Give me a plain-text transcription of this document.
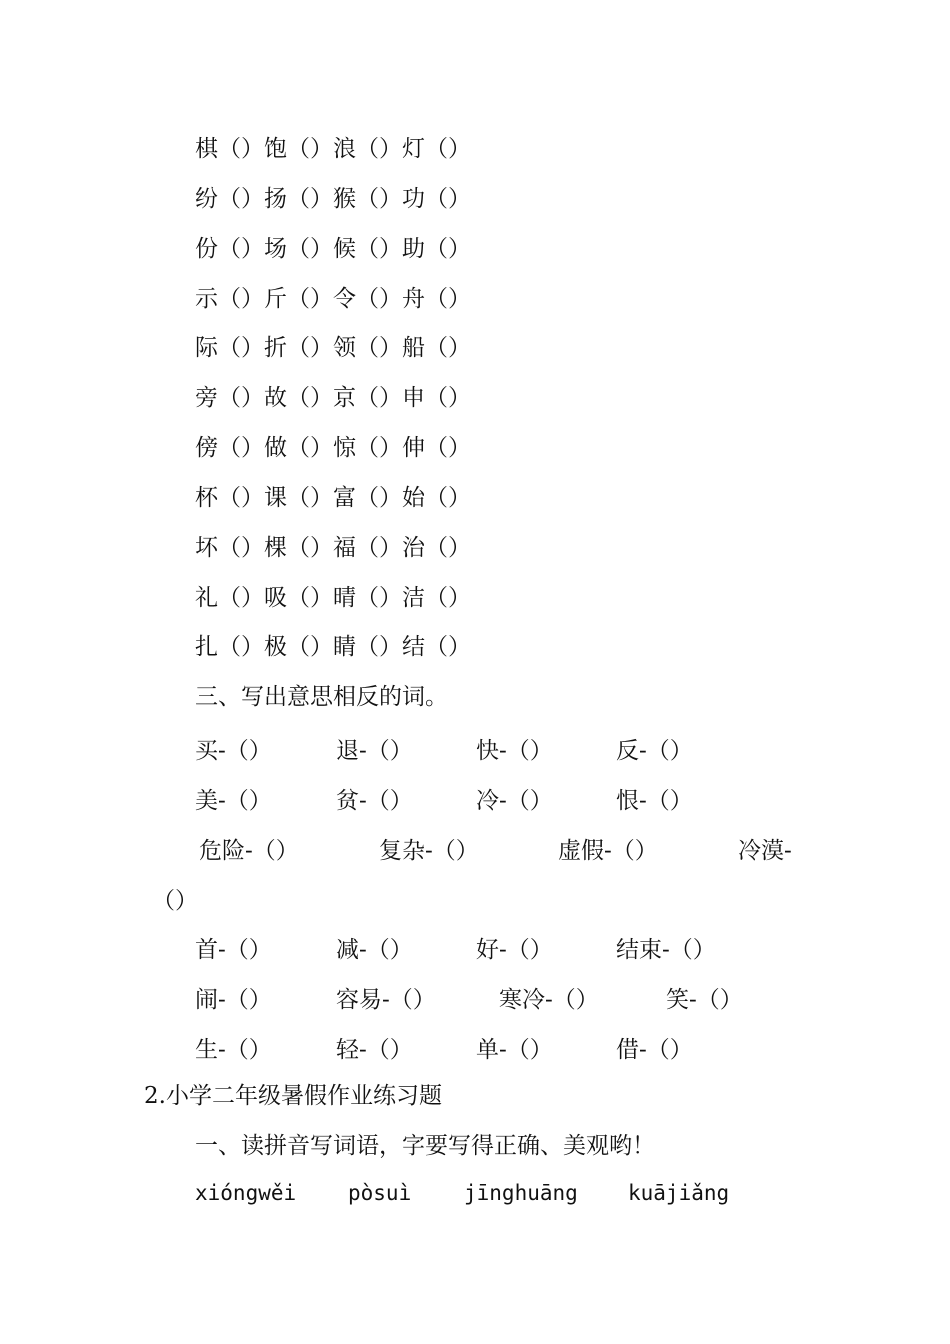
棋（）饱（）浪（）灯（）
纷（）扬（）猴（）功（）
份（）场（）候（）助（）
示（）斤（）令（）舟（）
际（）折（）领（）船（）
旁（）故（）京（）申（）
傍（）做（）惊（）伸（）
杯（）课（）富（）始（）
坏（）棵（）福（）治（）
礼（）吸（）晴（）洁（）
扎（）极（）睛（）结（）
三、写出意思相反的词。
买-（）	退-（）	快-（）	反-（）
美-（）	贫-（）	冷-（）	恨-（）
危险-（）	复杂-（）	虚假-（）	冷漠-
（）
首-（）	减-（）	好-（）	结束-（）
闹-（）	容易-（）	寒冷-（）	笑-（）
生-（）	轻-（）	单-（）	借-（）
2.小学二年级暑假作业练习题
一、读拼音写词语，字要写得正确、美观哟！
xióngwěi pòsuì	jīnghuāng kuājiǎng
